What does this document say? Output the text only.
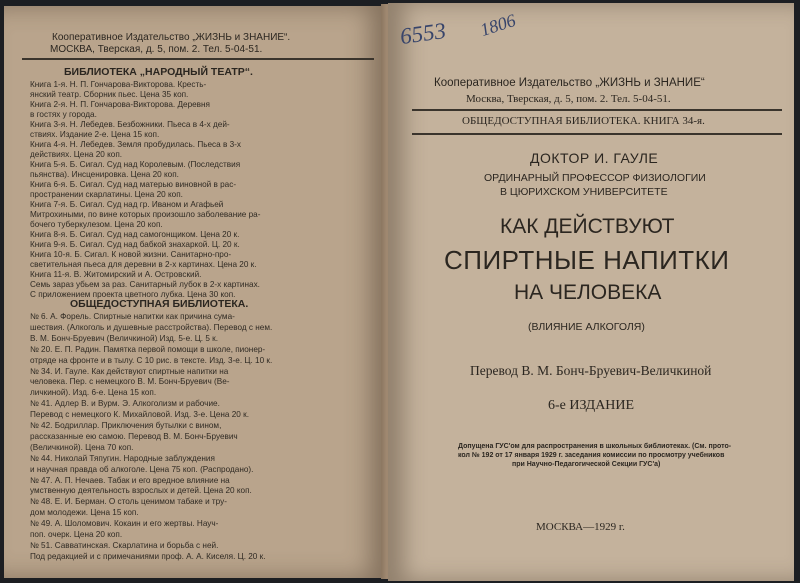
Кооперативное Издательство „ЖИЗНЬ и ЗНАНИЕ“.
МОСКВА, Тверская, д. 5, пом. 2. Тел. 5-04-51.
БИБЛИОТЕКА „НАРОДНЫЙ ТЕАТР“.
Книга 1-я. Н. П. Гончарова-Викторова. Кресть-
янский театр. Сборник пьес. Цена 35 коп.
Книга 2-я. Н. П. Гончарова-Викторова. Деревня
в гостях у города.
Книга 3-я. Н. Лебедев. Безбожники. Пьеса в 4-х дей-
ствиях. Издание 2-е. Цена 15 коп.
Книга 4-я. Н. Лебедев. Земля пробудилась. Пьеса в 3-х
действиях. Цена 20 коп.
Книга 5-я. Б. Сигал. Суд над Королевым. (Последствия
пьянства). Инсценировка. Цена 20 коп.
Книга 6-я. Б. Сигал. Суд над матерью виновной в рас-
пространении скарлатины. Цена 20 коп.
Книга 7-я. Б. Сигал. Суд над гр. Иваном и Агафьей
Митрохиными, по вине которых произошло заболевание ра-
бочего туберкулезом. Цена 20 коп.
Книга 8-я. Б. Сигал. Суд над самогонщиком. Цена 20 к.
Книга 9-я. Б. Сигал. Суд над бабкой знахаркой. Ц. 20 к.
Книга 10-я. Б. Сигал. К новой жизни. Санитарно-про-
светительная пьеса для деревни в 2-х картинах. Цена 20 к.
Книга 11-я. В. Житомирский и А. Островский.
Семь зараз убьем за раз. Санитарный лубок в 2-х картинах.
С приложением проекта цветного лубка. Цена 30 коп.
ОБЩЕДОСТУПНАЯ БИБЛИОТЕКА.
№ 6. А. Форель. Спиртные напитки как причина сума-
шествия. (Алкоголь и душевные расстройства). Перевод с нем.
В. М. Бонч-Бруевич (Величкиной) Изд. 5-е. Ц. 5 к.
№ 20. Е. П. Радин. Памятка первой помощи в школе, пионер-
отряде на фронте и в тылу. С 10 рис. в тексте. Изд. 3-е. Ц. 10 к.
№ 34. И. Гауле. Как действуют спиртные напитки на
человека. Пер. с немецкого В. М. Бонч-Бруевич (Ве-
личкиной). Изд. 6-е. Цена 15 коп.
№ 41. Адлер В. и Вурм. Э. Алкоголизм и рабочие.
Перевод с немецкого К. Михайловой. Изд. 3-е. Цена 20 к.
№ 42. Бодриллар. Приключения бутылки с вином,
рассказанные ею самою. Перевод В. М. Бонч-Бруевич
(Величкиной). Цена 70 коп.
№ 44. Николай Тяпугин. Народные заблуждения
и научная правда об алкоголе. Цена 75 коп. (Распродано).
№ 47. А. П. Нечаев. Табак и его вредное влияние на
умственную деятельность взрослых и детей. Цена 20 коп.
№ 48. Е. И. Берман. О столь ценимом табаке и тру-
дом молодежи. Цена 15 коп.
№ 49. А. Шоломович. Кокаин и его жертвы. Науч-
поп. очерк. Цена 20 коп.
№ 51. Савватинская. Скарлатина и борьба с ней.
Под редакцией и с примечаниями проф. А. А. Киселя. Ц. 20 к.
6553 1806
Кооперативное Издательство „ЖИЗНЬ и ЗНАНИЕ“
Москва, Тверская, д. 5, пом. 2. Тел. 5-04-51.
ОБЩЕДОСТУПНАЯ БИБЛИОТЕКА. КНИГА 34-я.
ДОКТОР И. ГАУЛЕ
ОРДИНАРНЫЙ ПРОФЕССОР ФИЗИОЛОГИИ
В ЦЮРИХСКОМ УНИВЕРСИТЕТЕ
КАК ДЕЙСТВУЮТ
СПИРТНЫЕ НАПИТКИ
НА ЧЕЛОВЕКА
(ВЛИЯНИЕ АЛКОГОЛЯ)
Перевод В. М. Бонч-Бруевич-Величкиной
6-е ИЗДАНИЕ
Допущена ГУС'ом для распространения в школьных библиотеках. (См. прото-
кол № 192 от 17 января 1929 г. заседания комиссии по просмотру учебников
при Научно-Педагогической Секции ГУС'а)
МОСКВА—1929 г.
